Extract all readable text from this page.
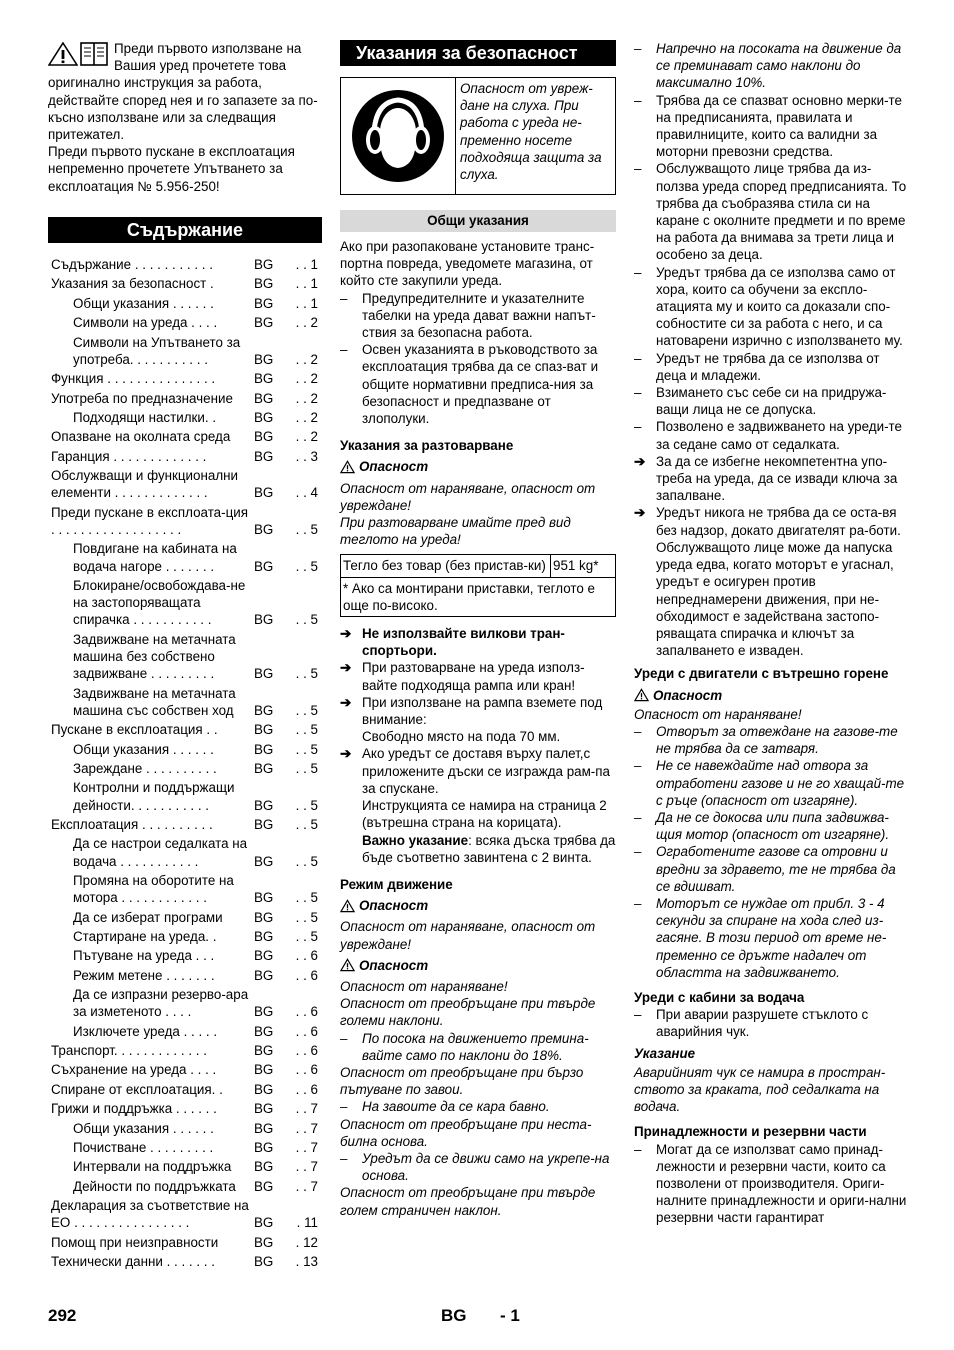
Преди първото използване на Вашия уред прочетете това оригинално инструкция за работа, действайте според нея и го запазете за по-късно използване или за следващия притежател.

Преди първото пускане в експлоатация непременно прочетете Упътването за експлоатация № 5.956-250!

Съдържание
Съдържание . . . . . . . . . . .	BG	. . 1
Указания за безопасност .	BG	. . 1
Общи указания . . . . . .	BG	. . 1
Символи на уреда . . . .	BG	. . 2
Символи на Упътването за употреба. . . . . . . . . . .	BG	. . 2
Функция . . . . . . . . . . . . . . .	BG	. . 2
Употреба по предназначение	BG	. . 2
Подходящи настилки. .	BG	. . 2
Опазване на околната среда	BG	. . 2
Гаранция . . . . . . . . . . . . .	BG	. . 3
Обслужващи и функционални елементи . . . . . . . . . . . . .	BG	. . 4
Преди пускане в експлоата-ция . . . . . . . . . . . . . . . . . .	BG	. . 5
Повдигане на кабината на водача нагоре . . . . . . .	BG	. . 5
Блокиране/освобождава-не на застопоряващата спирачка . . . . . . . . . . .	BG	. . 5
Задвижване на метачната машина без собствено задвижване . . . . . . . . .	BG	. . 5
Задвижване на метачната машина със собствен ход	BG	. . 5
Пускане в експлоатация . .	BG	. . 5
Общи указания . . . . . .	BG	. . 5
Зареждане . . . . . . . . . .	BG	. . 5
Контролни и поддържащи дейности. . . . . . . . . . .	BG	. . 5
Експлоатация . . . . . . . . . .	BG	. . 5
Да се настрои седалката на водача . . . . . . . . . . .	BG	. . 5
Промяна на оборотите на мотора . . . . . . . . . . . .	BG	. . 5
Да се изберат програми	BG	. . 5
Стартиране на уреда. .	BG	. . 5
Пътуване на уреда . . .	BG	. . 6
Режим метене . . . . . . .	BG	. . 6
Да се изпразни резерво-ара за изметеното . . . .	BG	. . 6
Изключете уреда . . . . .	BG	. . 6
Транспорт. . . . . . . . . . . . .	BG	. . 6
Съхранение на уреда . . . .	BG	. . 6
Спиране от експлоатация. .	BG	. . 6
Грижи и поддръжка . . . . . .	BG	. . 7
Общи указания . . . . . .	BG	. . 7
Почистване . . . . . . . . .	BG	. . 7
Интервали на поддръжка	BG	. . 7
Дейности по поддръжката	BG	. . 7
Декларация за съответствие на ЕО . . . . . . . . . . . . . . . .	BG	. 11
Помощ при неизправности	BG	. 12
Технически данни . . . . . . .	BG	. 13
Указания за безопасност
Опасност от увреж-дане на слуха. При работа с уреда не-пременно носете подходяща защита за слуха.
Общи указания

Ако при разопаковане установите транс-портна повреда, уведомете магазина, от който сте закупили уреда.

–	Предупредителните и указателните табелки на уреда дават важни напът-ствия за безопасна работа.
–	Освен указанията в ръководството за експлоатация трябва да се спаз-ват и общите нормативни предписа-ния за безопасност и предпазване от злополуки.

Указания за разтоварване

Опасност

Опасност от нараняване, опасност от увреждане!

При разтоварване имайте пред вид теглото на уреда!

Тегло без товар (без пристав-ки)	951 kg*
* Ако са монтирани приставки, теглото е още по-високо.
➔ Не използвайте вилкови тран-спортьори.
➔ При разтоварване на уреда използ-вайте подходяща рампа или кран!
➔ При използване на рампа вземете под внимание:
Свободно място на пода 70 мм.
➔ Ако уредът се доставя върху палет,с приложените дъски се изгражда рам-па за спускане.
Инструкцията се намира на страница 2 (вътрешна страна на корицата).
Важно указание: всяка дъска трябва да бъде съответно завинтена с 2 винта.

Режим движение

Опасност

Опасност от нараняване, опасност от увреждане!

Опасност

Опасност от нараняване!

Опасност от преобръщане при твърде големи наклони.

–	По посока на движението премина-вайте само по наклони до 18%.

Опасност от преобръщане при бързо пътуване по завои.

–	На завоите да се кара бавно.

Опасност от преобръщане при неста-билна основа.

–	Уредът да се движи само на укрепе-на основа.

Опасност от преобръщане при твърде голем страничен наклон.

–	Напречно на посоката на движение да се преминават само наклони до максимално 10%.
–	Трябва да се спазват основно мерки-те на предписанията, правилата и правилниците, които са валидни за моторни превозни средства.
–	Обслужващото лице трябва да из-ползва уреда според предписанията. То трябва да съобразява стила си на каране с околните предмети и по време на работа да внимава за трети лица и особено за деца.
–	Уредът трябва да се използва само от хора, които са обучени за експло-атацията му и които са доказали спо-собностите си за работа с него, и са натоварени изрично с използването му.
–	Уредът не трябва да се използва от деца и младежи.
–	Взимането със себе си на придружа-ващи лица не се допуска.
–	Позволено е задвижването на уреди-те за седане само от седалката.
➔ За да се избегне некомпетентна упо-требa на уреда, да се извади ключа за запалване.
➔ Уредът никога не трябва да се оста-вя без надзор, докато двигателят ра-боти. Обслужващото лице може да напуска уреда едва, когато моторът е угаснал, уредът е осигурен против непреднамерени движения, при не-обходимост е задействана застопо-ряващата спирачка и ключът за запалването е изваден.

Уреди с двигатели с вътрешно горене

Опасност

Опасност от нараняване!

–	Отворът за отвеждане на газове-те не трябва да се затваря.
–	Не се навеждайте над отвора за отработени газове и не го хващай-те с ръце (опасност от изгаряне).
–	Да не се докосва или пипа задвижва-щия мотор (опасност от изгаряне).
–	Огработените газове са отровни и вредни за здравето, те не трябва да се вдишват.
–	Моторът се нуждае от прибл. 3 - 4 секунди за спиране на хода след из-гасяне. В този период от време не-пременно се дръжте надалеч от областта на задвижването.

Уреди с кабини за водача

–	При аварии разрушете стъклото с аварийния чук.

Указание

Аварийният чук се намира в простран-ството за краката, под седалката на водача.

Принадлежности и резервни части

–	Могат да се използват само принад-лежности и резервни части, които са позволени от производителя. Ориги-налните принадлежности и ориги-нални резервни части гарантират
292	BG - 1
